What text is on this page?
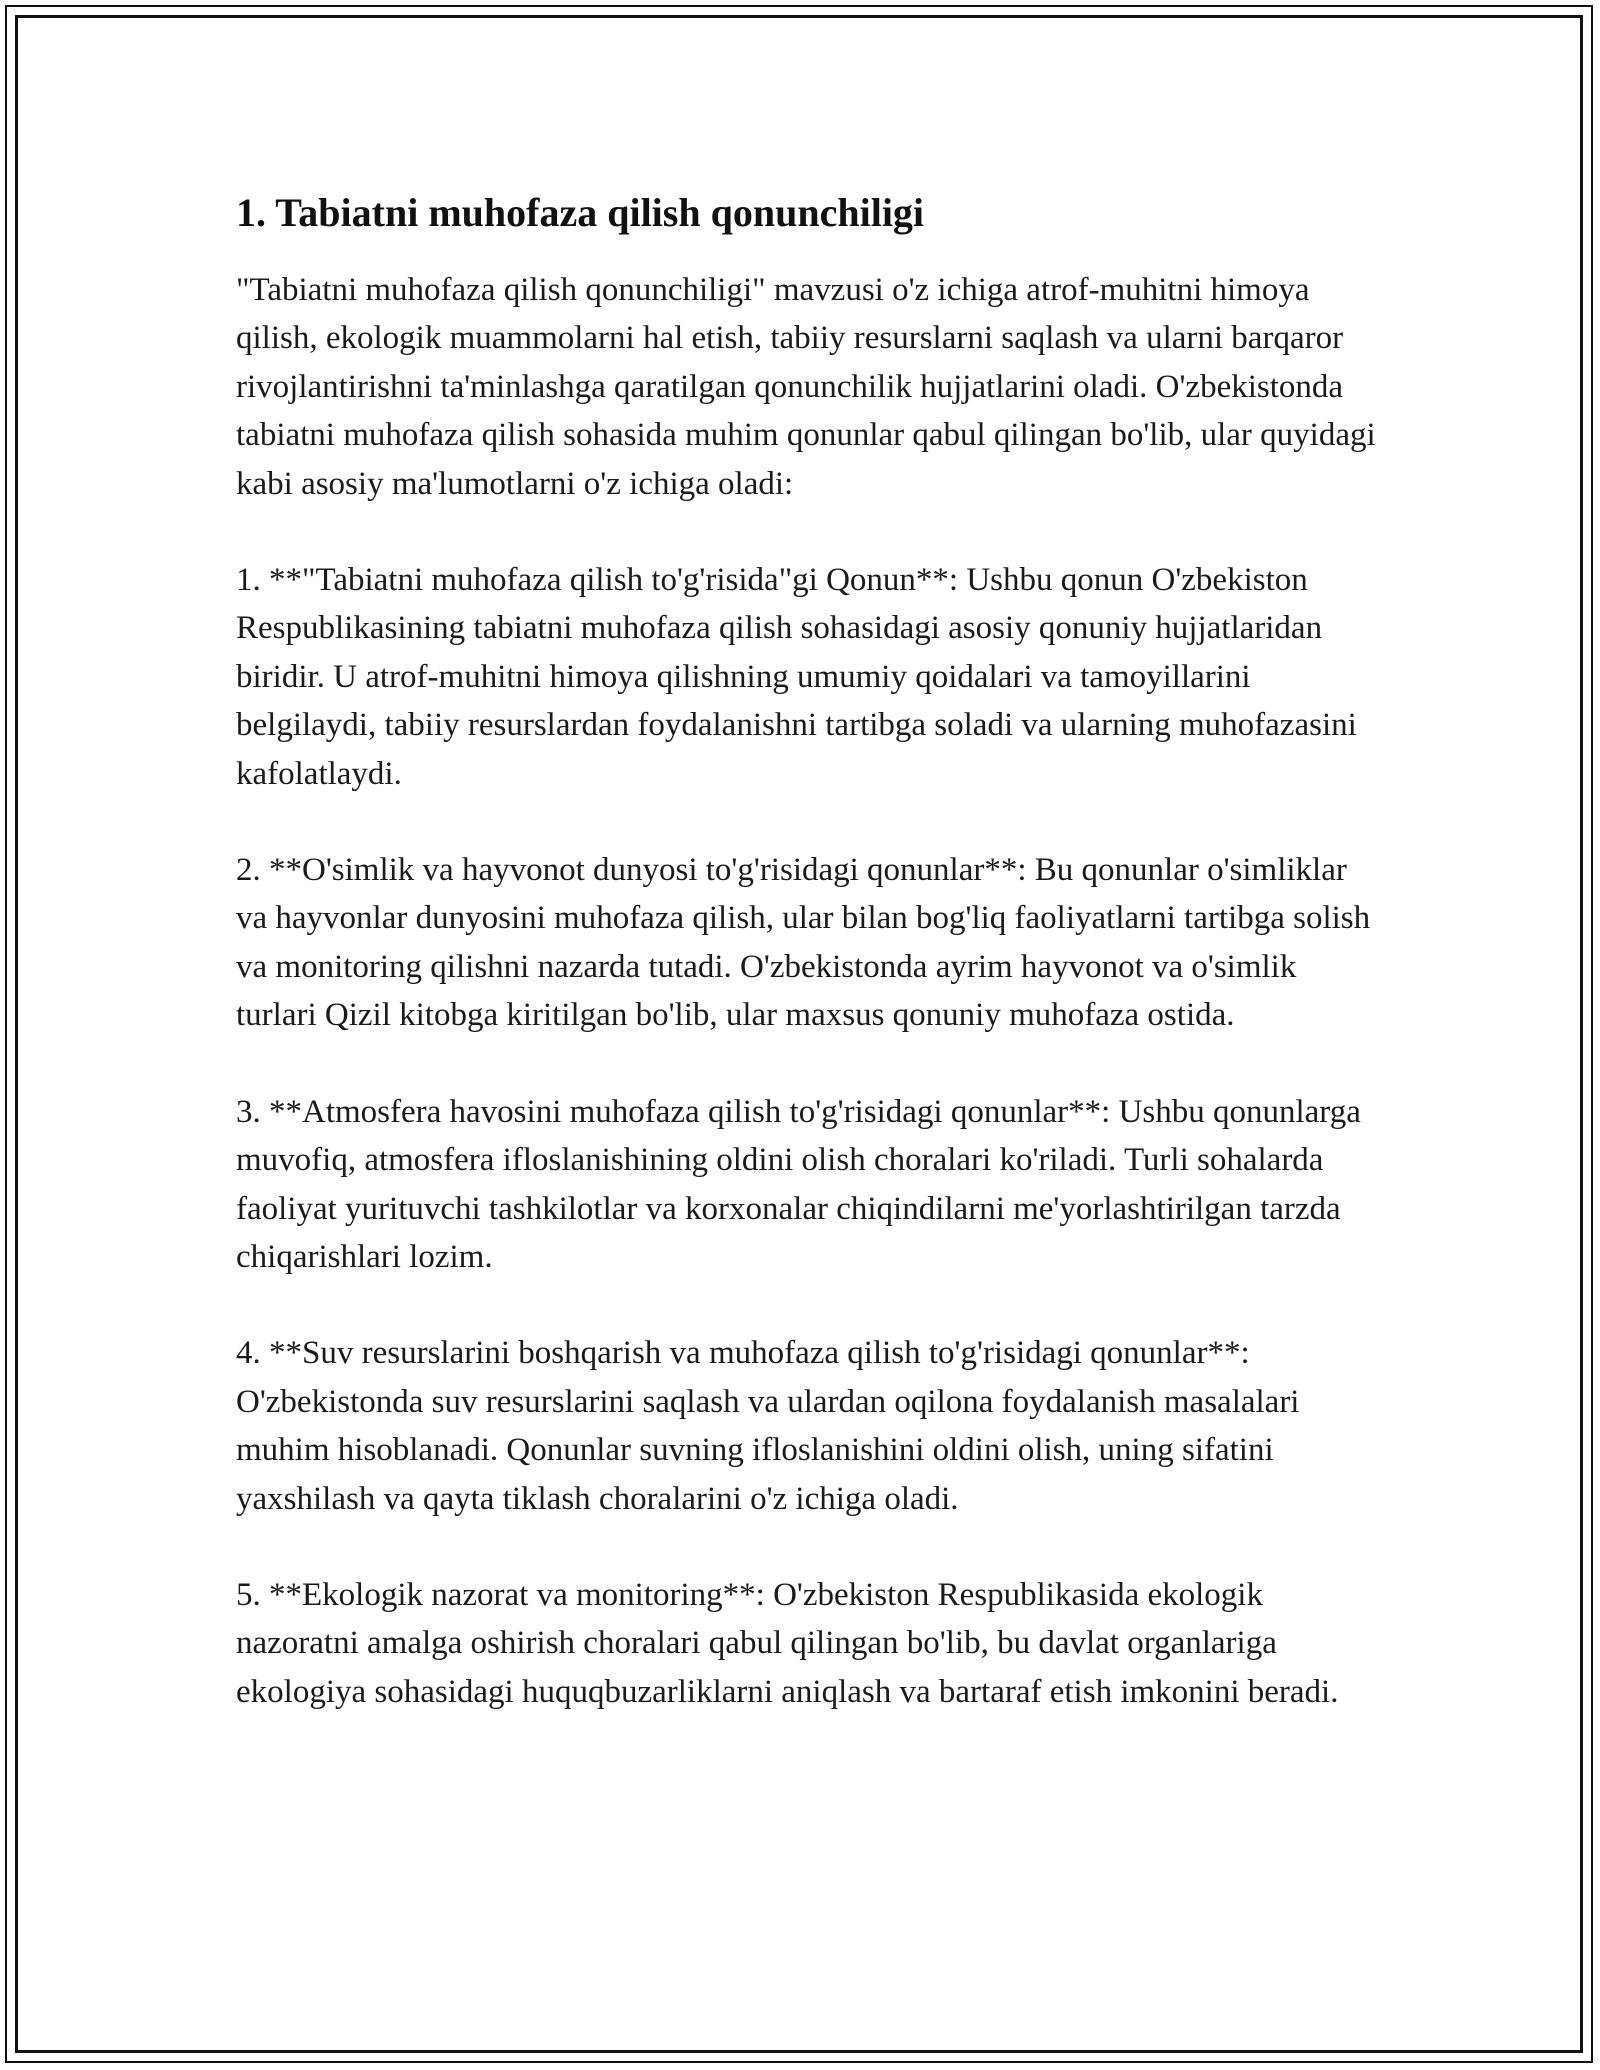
1. Tabiatni muhofaza qilish qonunchiligi

"Tabiatni muhofaza qilish qonunchiligi" mavzusi o'z ichiga atrof-muhitni himoya qilish, ekologik muammolarni hal etish, tabiiy resurslarni saqlash va ularni barqaror rivojlantirishni ta'minlashga qaratilgan qonunchilik hujjatlarini oladi. O'zbekistonda tabiatni muhofaza qilish sohasida muhim qonunlar qabul qilingan bo'lib, ular quyidagi kabi asosiy ma'lumotlarni o'z ichiga oladi:

1. **"Tabiatni muhofaza qilish to'g'risida"gi Qonun**: Ushbu qonun O'zbekiston Respublikasining tabiatni muhofaza qilish sohasidagi asosiy qonuniy hujjatlaridan biridir. U atrof-muhitni himoya qilishning umumiy qoidalari va tamoyillarini belgilaydi, tabiiy resurslardan foydalanishni tartibga soladi va ularning muhofazasini kafolatlaydi.

2. **O'simlik va hayvonot dunyosi to'g'risidagi qonunlar**: Bu qonunlar o'simliklar va hayvonlar dunyosini muhofaza qilish, ular bilan bog'liq faoliyatlarni tartibga solish va monitoring qilishni nazarda tutadi. O'zbekistonda ayrim hayvonot va o'simlik turlari Qizil kitobga kiritilgan bo'lib, ular maxsus qonuniy muhofaza ostida.

3. **Atmosfera havosini muhofaza qilish to'g'risidagi qonunlar**: Ushbu qonunlarga muvofiq, atmosfera ifloslanishining oldini olish choralari ko'riladi. Turli sohalarda faoliyat yurituvchi tashkilotlar va korxonalar chiqindilarni me'yorlashtirilgan tarzda chiqarishlari lozim.

4. **Suv resurslarini boshqarish va muhofaza qilish to'g'risidagi qonunlar**: O'zbekistonda suv resurslarini saqlash va ulardan oqilona foydalanish masalalari muhim hisoblanadi. Qonunlar suvning ifloslanishini oldini olish, uning sifatini yaxshilash va qayta tiklash choralarini o'z ichiga oladi.

5. **Ekologik nazorat va monitoring**: O'zbekiston Respublikasida ekologik nazoratni amalga oshirish choralari qabul qilingan bo'lib, bu davlat organlariga ekologiya sohasidagi huquqbuzarliklarni aniqlash va bartaraf etish imkonini beradi.
